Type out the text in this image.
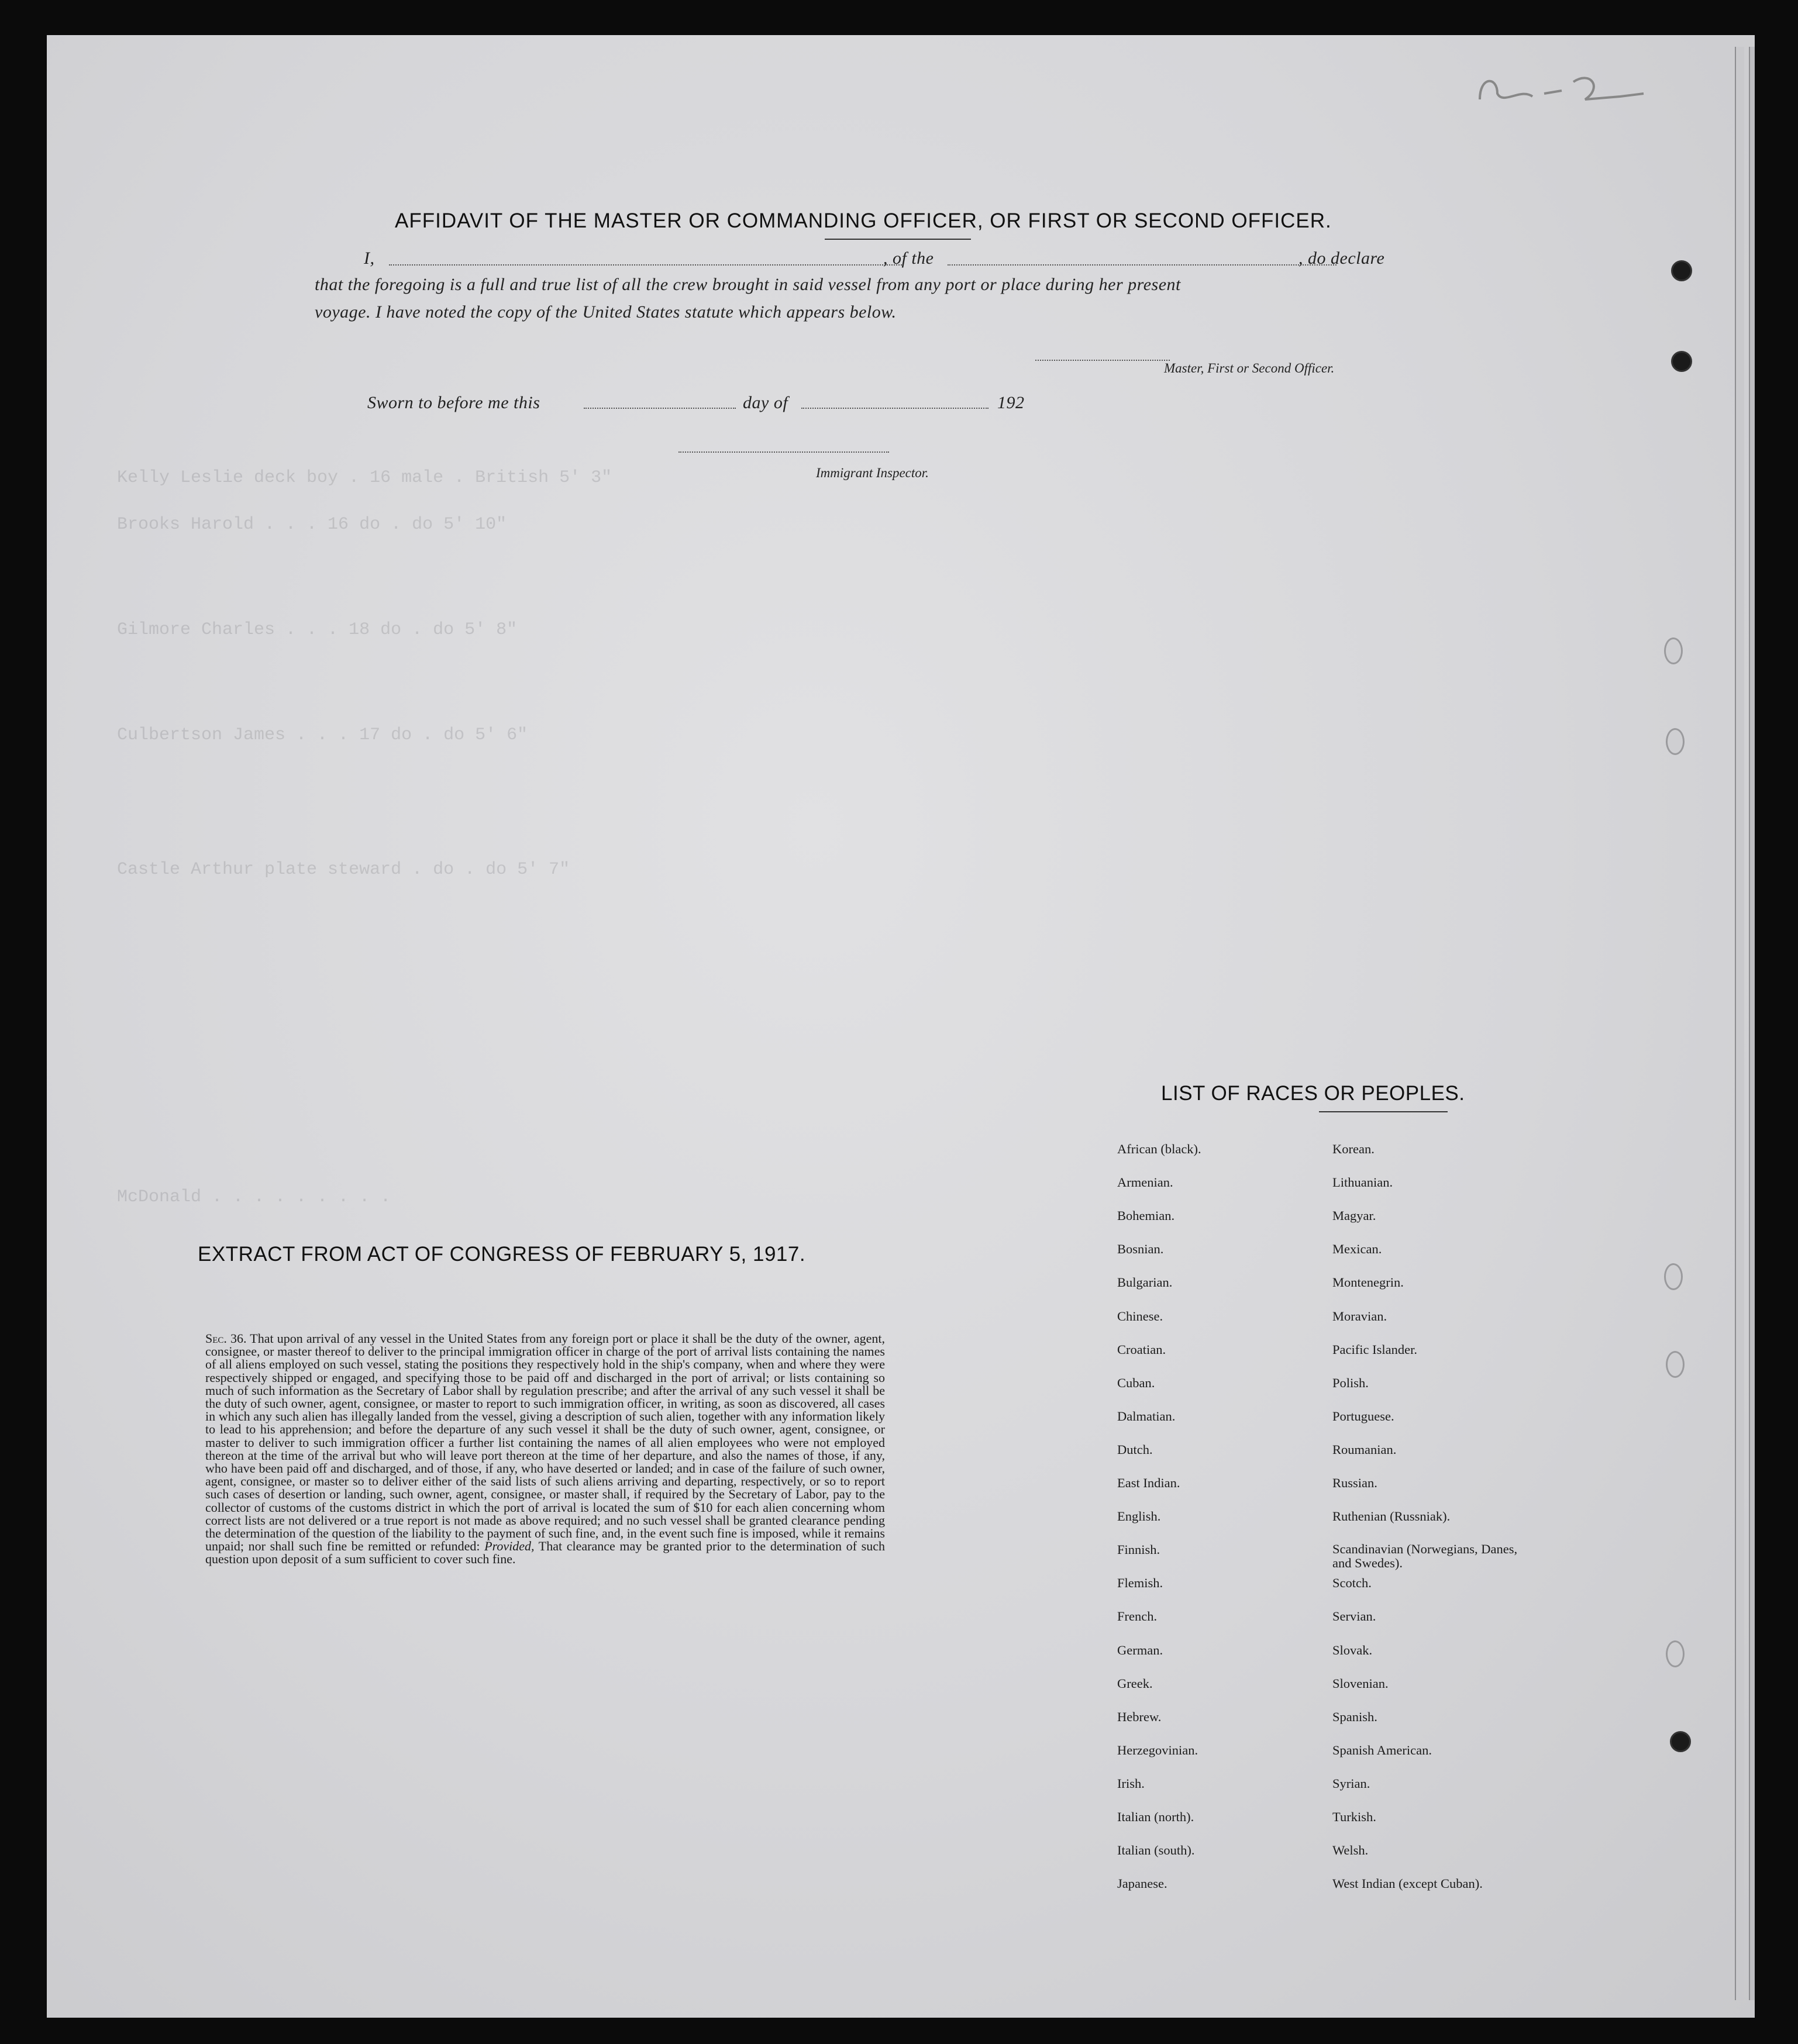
Kelly Leslie deck boy . 16 male . British 5' 3"
Brooks Harold . . . 16 do . do 5' 10"
Gilmore Charles . . . 18 do . do 5' 8"
Culbertson James . . . 17 do . do 5' 6"
Castle Arthur plate steward . do . do 5' 7"
McDonald . . . . . . . . .
AFFIDAVIT OF THE MASTER OR COMMANDING OFFICER, OR FIRST OR SECOND OFFICER.
I,	, of the	, do declare
that the foregoing is a full and true list of all the crew brought in said vessel from any port or place during her present
voyage. I have noted the copy of the United States statute which appears below.
Master, First or Second Officer.
Sworn to before me this	day of	192
Immigrant Inspector.
EXTRACT FROM ACT OF CONGRESS OF FEBRUARY 5, 1917.
Sec. 36. That upon arrival of any vessel in the United States from any foreign port or place it shall be the duty of the owner, agent, consignee, or master thereof to deliver to the principal immigration officer in charge of the port of arrival lists containing the names of all aliens employed on such vessel, stating the positions they respectively hold in the ship's company, when and where they were respectively shipped or engaged, and specifying those to be paid off and discharged in the port of arrival; or lists containing so much of such information as the Secretary of Labor shall by regulation prescribe; and after the arrival of any such vessel it shall be the duty of such owner, agent, consignee, or master to report to such immigration officer, in writing, as soon as discovered, all cases in which any such alien has illegally landed from the vessel, giving a description of such alien, together with any information likely to lead to his apprehension; and before the departure of any such vessel it shall be the duty of such owner, agent, consignee, or master to deliver to such immigration officer a further list containing the names of all alien employees who were not employed thereon at the time of the arrival but who will leave port thereon at the time of her departure, and also the names of those, if any, who have been paid off and discharged, and of those, if any, who have deserted or landed; and in case of the failure of such owner, agent, consignee, or master so to deliver either of the said lists of such aliens arriving and departing, respectively, or so to report such cases of desertion or landing, such owner, agent, consignee, or master shall, if required by the Secretary of Labor, pay to the collector of customs of the customs district in which the port of arrival is located the sum of $10 for each alien concerning whom correct lists are not delivered or a true report is not made as above required; and no such vessel shall be granted clearance pending the determination of the question of the liability to the payment of such fine, and, in the event such fine is imposed, while it remains unpaid; nor shall such fine be remitted or refunded: Provided, That clearance may be granted prior to the determination of such question upon deposit of a sum sufficient to cover such fine.
LIST OF RACES OR PEOPLES.
African (black).
Armenian.
Bohemian.
Bosnian.
Bulgarian.
Chinese.
Croatian.
Cuban.
Dalmatian.
Dutch.
East Indian.
English.
Finnish.
Flemish.
French.
German.
Greek.
Hebrew.
Herzegovinian.
Irish.
Italian (north).
Italian (south).
Japanese.
Korean.
Lithuanian.
Magyar.
Mexican.
Montenegrin.
Moravian.
Pacific Islander.
Polish.
Portuguese.
Roumanian.
Russian.
Ruthenian (Russniak).
Scandinavian (Norwegians, Danes, and Swedes).
Scotch.
Servian.
Slovak.
Slovenian.
Spanish.
Spanish American.
Syrian.
Turkish.
Welsh.
West Indian (except Cuban).
